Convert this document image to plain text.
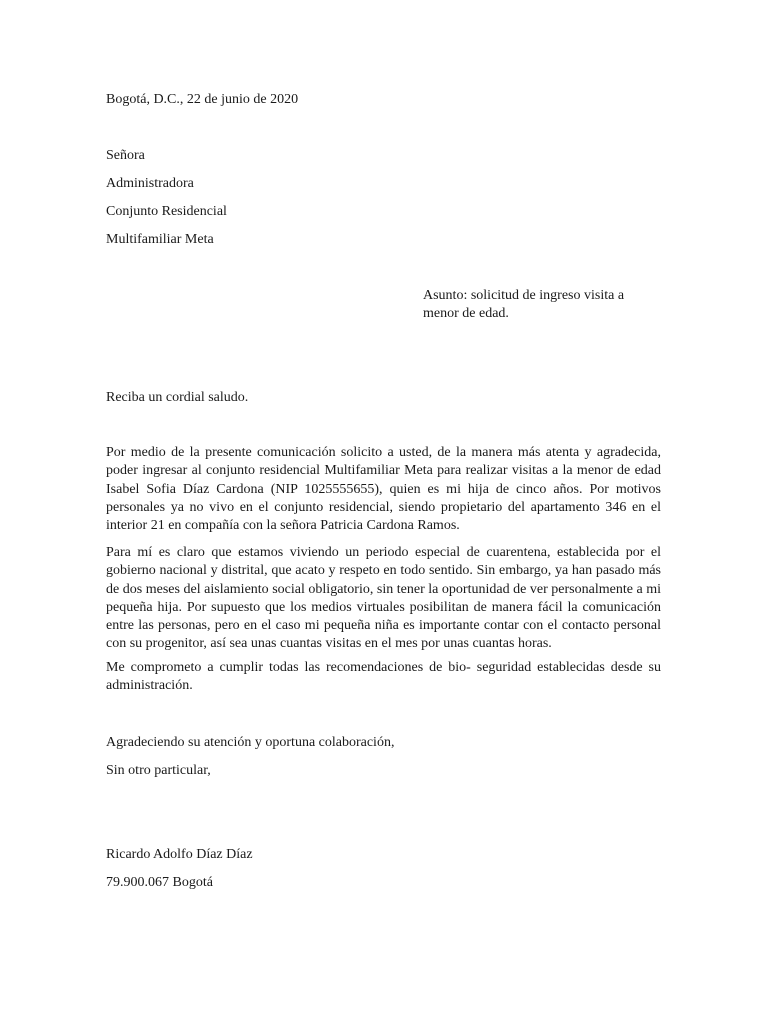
Bogotá, D.C., 22 de junio de 2020
Señora
Administradora
Conjunto Residencial
Multifamiliar Meta
Asunto: solicitud de ingreso visita a menor de edad.
Reciba un cordial saludo.
Por medio de la presente comunicación solicito a usted, de la manera más atenta y agradecida, poder ingresar al conjunto residencial Multifamiliar Meta para realizar visitas a la menor de edad Isabel Sofia Díaz Cardona (NIP 1025555655), quien es mi hija de cinco años. Por motivos personales ya no vivo en el conjunto residencial, siendo propietario del apartamento 346 en el interior 21 en compañía con la señora Patricia Cardona Ramos.
Para mí es claro que estamos viviendo un periodo especial de cuarentena, establecida por el gobierno nacional y distrital, que acato y respeto en todo sentido. Sin embargo, ya han pasado más de dos meses del aislamiento social obligatorio, sin tener la oportunidad de ver personalmente a mi pequeña hija. Por supuesto que los medios virtuales posibilitan de manera fácil la comunicación entre las personas, pero en el caso mi pequeña niña es importante contar con el contacto personal con su progenitor, así sea unas cuantas visitas en el mes por unas cuantas horas.
Me comprometo a cumplir todas las recomendaciones de bio- seguridad establecidas desde su administración.
Agradeciendo su atención y oportuna colaboración,
Sin otro particular,
Ricardo Adolfo Díaz Díaz
79.900.067 Bogotá
